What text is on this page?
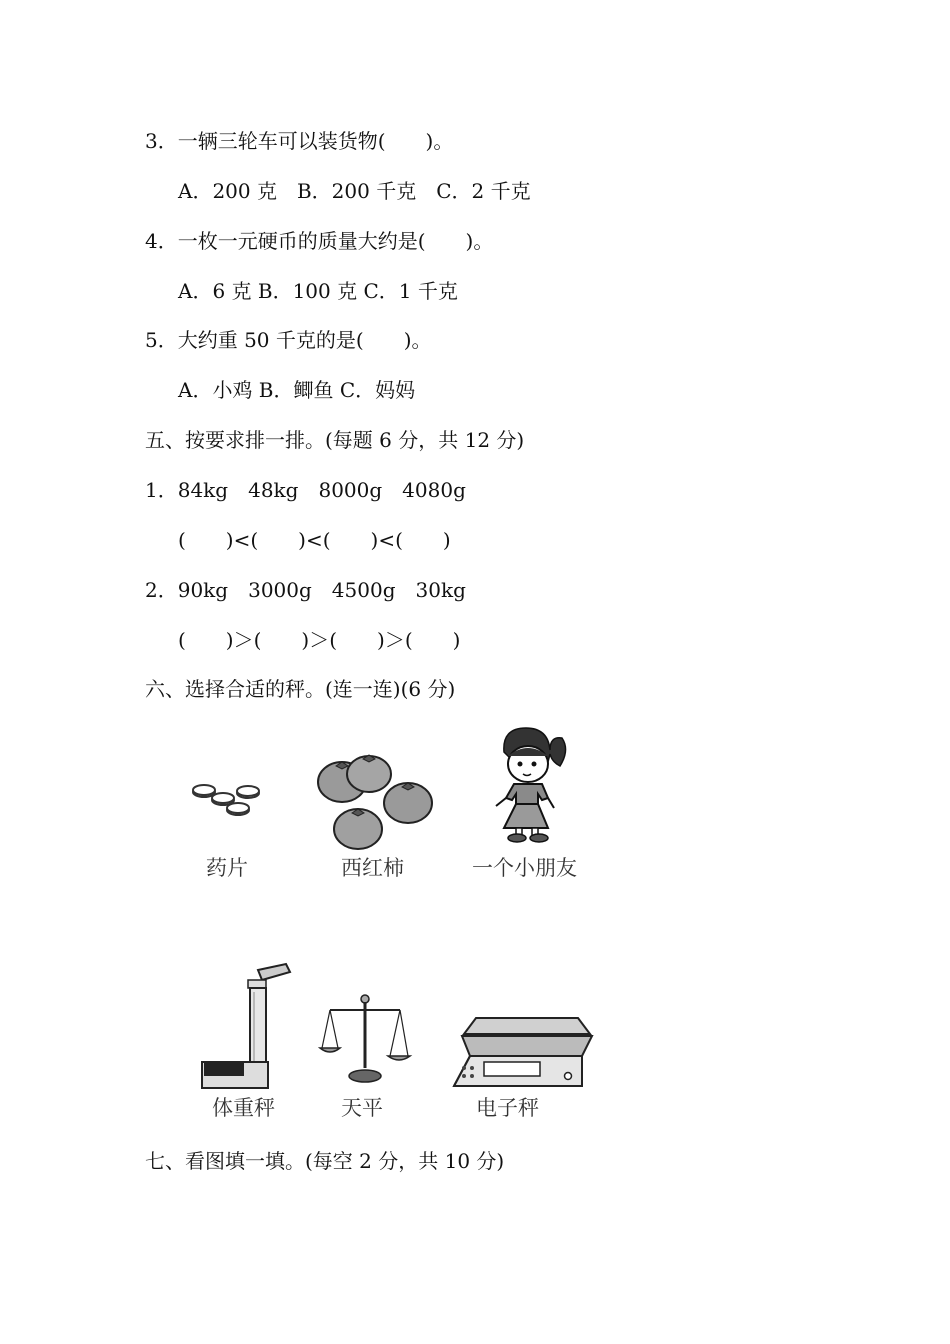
3．一辆三轮车可以装货物(　　)。
A．200 克　B．200 千克　C．2 千克
4．一枚一元硬币的质量大约是(　　)。
A．6 克 B．100 克 C．1 千克
5．大约重 50 千克的是(　　)。
A．小鸡 B．鲫鱼 C．妈妈
五、按要求排一排。(每题 6 分，共 12 分)
1．84kg　48kg　8000g　4080g
(　　)<(　　)<(　　)<(　　)
2．90kg　3000g　4500g　30kg
(　　)＞(　　)＞(　　)＞(　　)
六、选择合适的秤。(连一连)(6 分)
药片	西红柿	一个小朋友
体重秤	天平	电子秤
七、看图填一填。(每空 2 分，共 10 分)
